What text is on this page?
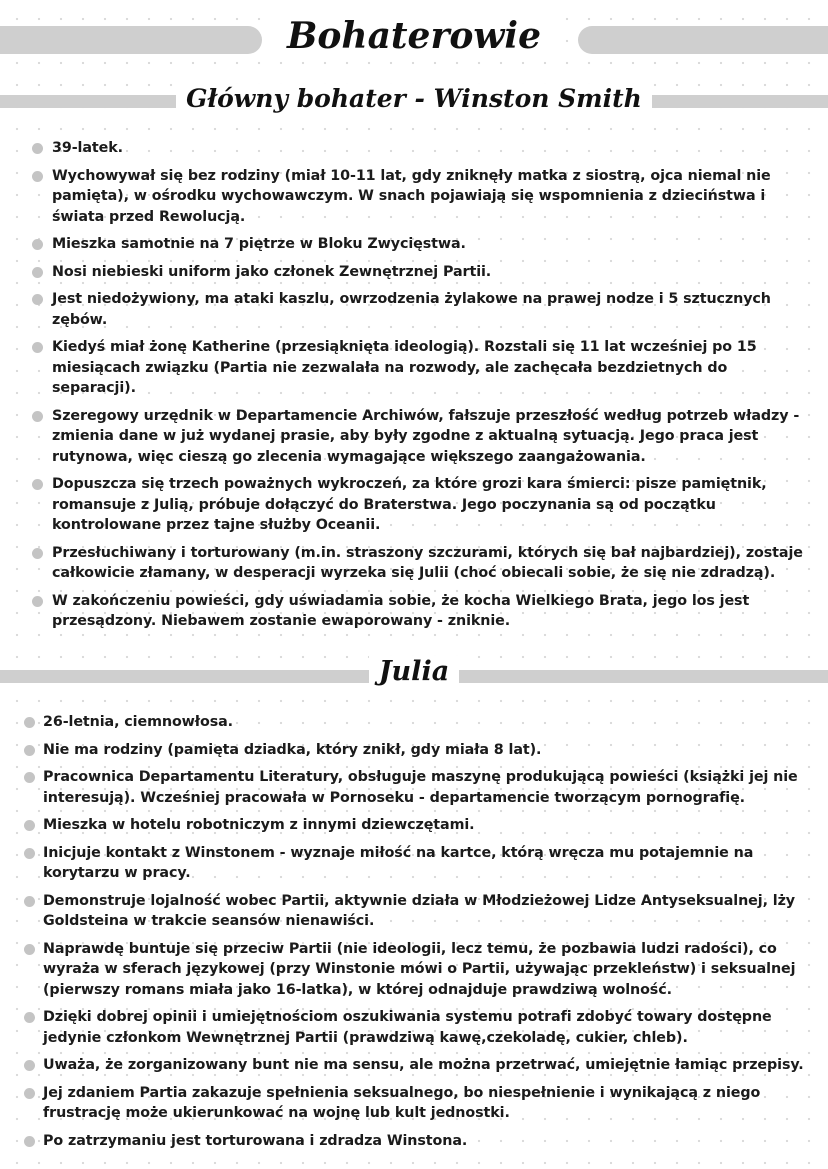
Bohaterowie
Główny bohater - Winston Smith
39-latek.
Wychowywał się bez rodziny (miał 10-11 lat, gdy zniknęły matka z siostrą, ojca niemal nie pamięta), w ośrodku wychowawczym. W snach pojawiają się wspomnienia z dzieciństwa i świata przed Rewolucją.
Mieszka samotnie na 7 piętrze w Bloku Zwycięstwa.
Nosi niebieski uniform jako członek Zewnętrznej Partii.
Jest niedożywiony, ma ataki kaszlu, owrzodzenia żylakowe na prawej nodze i 5 sztucznych zębów.
Kiedyś miał żonę Katherine (przesiąknięta ideologią). Rozstali się 11 lat wcześniej po 15 miesiącach związku (Partia nie zezwalała na rozwody, ale zachęcała bezdzietnych do separacji).
Szeregowy urzędnik w Departamencie Archiwów, fałszuje przeszłość według potrzeb władzy - zmienia dane w już wydanej prasie, aby były zgodne z aktualną sytuacją. Jego praca jest rutynowa, więc cieszą go zlecenia wymagające większego zaangażowania.
Dopuszcza się trzech poważnych wykroczeń, za które grozi kara śmierci: pisze pamiętnik, romansuje z Julią, próbuje dołączyć do Braterstwa. Jego poczynania są od początku kontrolowane przez tajne służby Oceanii.
Przesłuchiwany i torturowany (m.in. straszony szczurami, których się bał najbardziej), zostaje całkowicie złamany, w desperacji wyrzeka się Julii (choć obiecali sobie, że się nie zdradzą).
W zakończeniu powieści, gdy uświadamia sobie, że kocha Wielkiego Brata, jego los jest przesądzony. Niebawem zostanie ewaporowany - zniknie.
Julia
26-letnia, ciemnowłosa.
Nie ma rodziny (pamięta dziadka, który znikł, gdy miała 8 lat).
Pracownica Departamentu Literatury, obsługuje maszynę produkującą powieści (książki jej nie interesują). Wcześniej pracowała w Pornoseku - departamencie tworzącym pornografię.
Mieszka w hotelu robotniczym z innymi dziewczętami.
Inicjuje kontakt z Winstonem - wyznaje miłość na kartce, którą wręcza mu potajemnie na korytarzu w pracy.
Demonstruje lojalność wobec Partii, aktywnie działa w Młodzieżowej Lidze Antyseksualnej, lży Goldsteina w trakcie seansów nienawiści.
Naprawdę buntuje się przeciw Partii (nie ideologii, lecz temu, że pozbawia ludzi radości), co wyraża w sferach językowej (przy Winstonie mówi o Partii, używając przekleństw) i seksualnej (pierwszy romans miała jako 16-latka), w której odnajduje prawdziwą wolność.
Dzięki dobrej opinii i umiejętnościom oszukiwania systemu potrafi zdobyć towary dostępne jedynie członkom Wewnętrznej Partii (prawdziwą kawę,czekoladę, cukier, chleb).
Uważa, że zorganizowany bunt nie ma sensu, ale można przetrwać, umiejętnie łamiąc przepisy.
Jej zdaniem Partia zakazuje spełnienia seksualnego, bo niespełnienie i wynikającą z niego frustrację może ukierunkować na wojnę lub kult jednostki.
Po zatrzymaniu jest torturowana i zdradza Winstona.
